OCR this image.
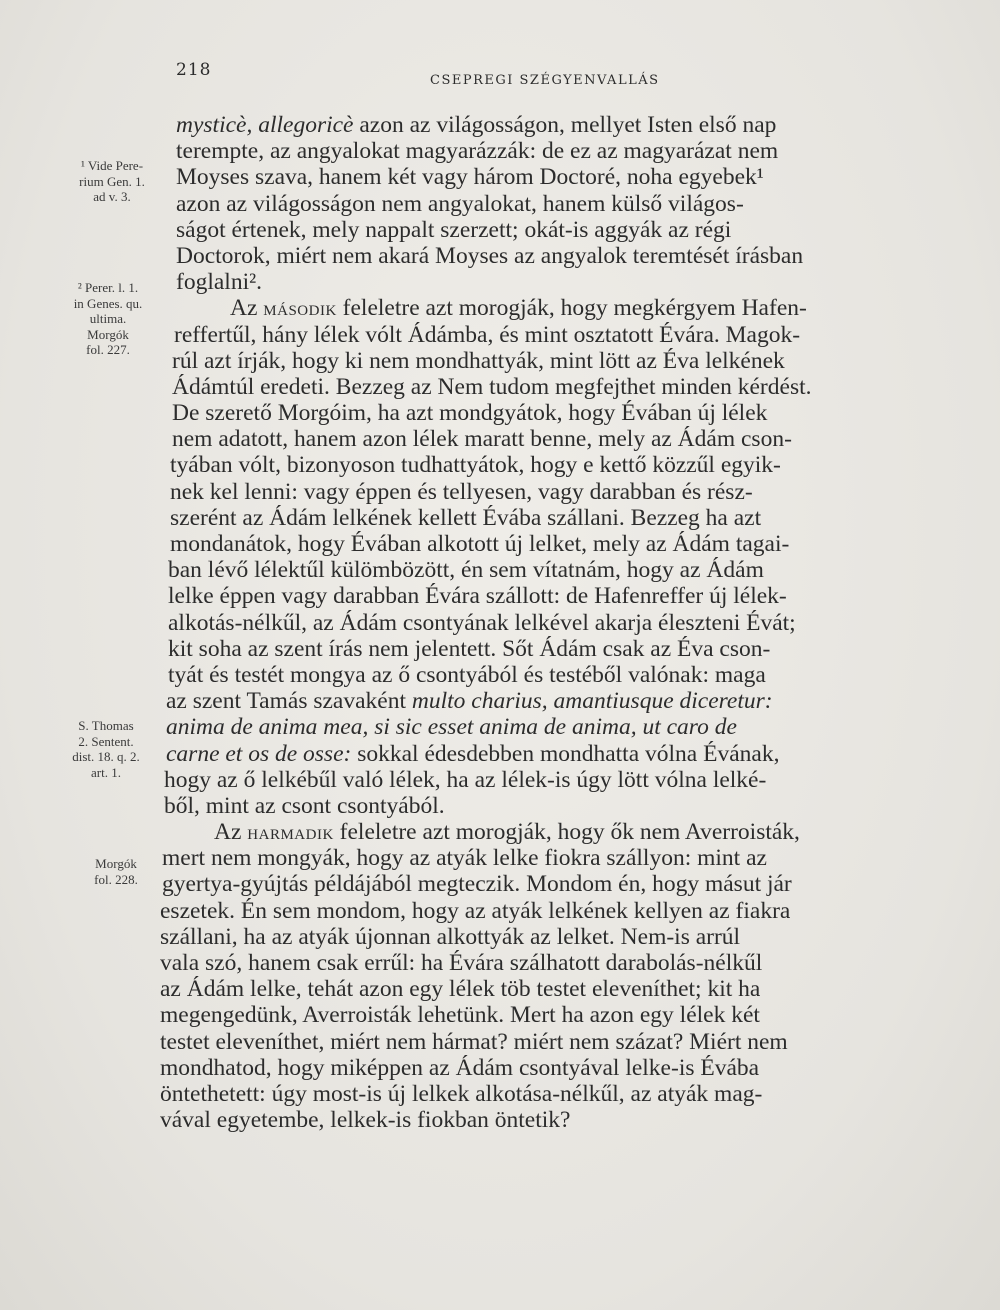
218
CSEPREGI SZÉGYENVALLÁS
¹ Vide Pere-
rium Gen. 1.
ad v. 3.
² Perer. l. 1.
in Genes. qu.
ultima.
Morgók
fol. 227.
S. Thomas
2. Sentent.
dist. 18. q. 2.
art. 1.
Morgók
fol. 228.
mysticè, allegoricè azon az világosságon, mellyet Isten első nap
teremptе, az angyalokat magyarázzák: de ez az magyarázat nem
Moyses szava, hanem két vagy három Doctoré, noha egyebek¹
azon az világosságon nem angyalokat, hanem külső világos-
ságot értenek, mely nappalt szerzett; okát-is aggyák az régi
Doctorok, miért nem akará Moyses az angyalok teremtését írásban
foglalni².
Az MÁSODIK feleletre azt morogják, hogy megkérgyem Hafen-
reffertűl, hány lélek vólt Ádámba, és mint osztatott Évára. Magok-
rúl azt írják, hogy ki nem mondhattyák, mint lött az Éva lelkének
Ádámtúl eredeti. Bezzeg az Nem tudom megfejthet minden kérdést.
De szerető Morgóim, ha azt mondgyátok, hogy Évában új lélek
nem adatott, hanem azon lélek maratt benne, mely az Ádám cson-
tyában vólt, bizonyoson tudhattyátok, hogy e kettő közzűl egyik-
nek kel lenni: vagy éppen és tellyesen, vagy darabban és rész-
szerént az Ádám lelkének kellett Évába szállani. Bezzeg ha azt
mondanátok, hogy Évában alkotott új lelket, mely az Ádám tagai-
ban lévő lélektűl külömbözött, én sem vítatnám, hogy az Ádám
lelke éppen vagy darabban Évára szállott: de Hafenreffer új lélek-
alkotás-nélkűl, az Ádám csontyának lelkével akarja éleszteni Évát;
kit soha az szent írás nem jelentett. Sőt Ádám csak az Éva cson-
tyát és testét mongya az ő csontyából és testéből valónak: maga
az szent Tamás szavaként multo charius, amantiusque diceretur:
anima de anima mea, si sic esset anima de anima, ut caro de
carne et os de osse: sokkal édesdebben mondhatta vólna Évának,
hogy az ő lelkébűl való lélek, ha az lélek-is úgy lött vólna lelké-
ből, mint az csont csontyából.
Az HARMADIK feleletre azt morogják, hogy ők nem Averroisták,
mert nem mongyák, hogy az atyák lelke fiokra szállyon: mint az
gyertya-gyújtás példájából megteczik. Mondom én, hogy másut jár
eszetek. Én sem mondom, hogy az atyák lelkének kellyen az fiakra
szállani, ha az atyák újonnan alkottyák az lelket. Nem-is arrúl
vala szó, hanem csak errűl: ha Évára szálhatott darabolás-nélkűl
az Ádám lelke, tehát azon egy lélek töb testet eleveníthet; kit ha
megengedünk, Averroisták lehetünk. Mert ha azon egy lélek két
testet eleveníthet, miért nem hármat? miért nem százat? Miért nem
mondhatod, hogy miképpen az Ádám csontyával lelke-is Évába
öntethetett: úgy most-is új lelkek alkotása-nélkűl, az atyák mag-
vával egyetembe, lelkek-is fiokban öntetik?
